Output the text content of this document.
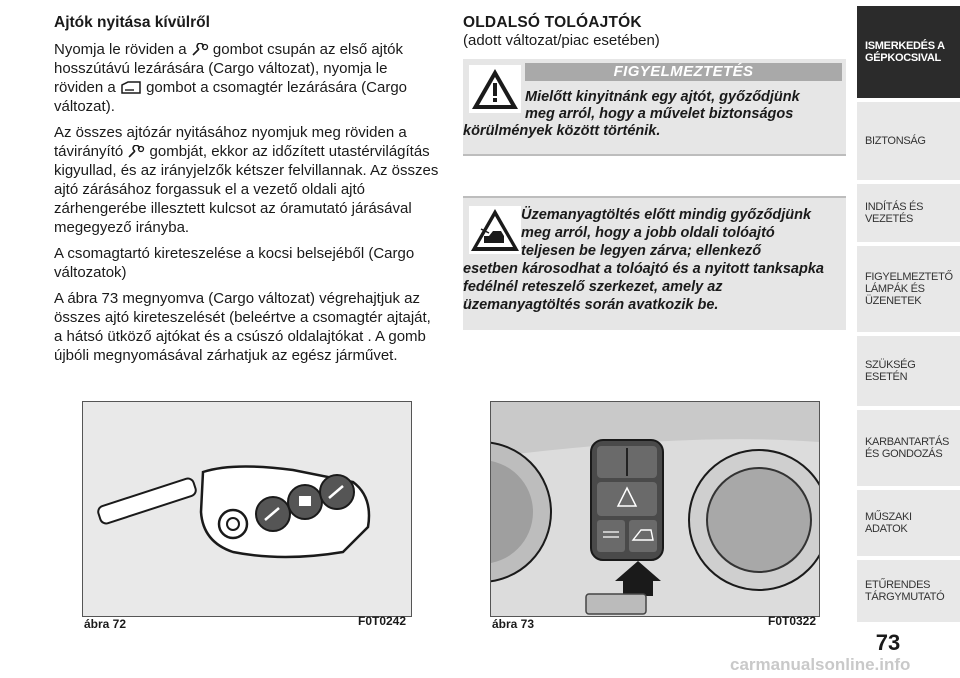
Ajtók nyitása kívülről

Nyomja le röviden a gombot csupán az első ajtók hosszútávú lezárására (Cargo változat), nyomja le röviden a gombot a csomagtér lezárására (Cargo változat).

Az összes ajtózár nyitásához nyomjuk meg röviden a távirányító gombját, ekkor az időzített utastérvilágítás kigyullad, és az irányjelzők kétszer felvillannak. Az összes ajtó zárásához forgassuk el a vezető oldali ajtó zárhengerébe illesztett kulcsot az óramutató járásával megegyező irányba.

A csomagtartó kireteszelése a kocsi belsejéből (Cargo változatok)

A ábra 73 megnyomva (Cargo változat) végrehajtjuk az összes ajtó kireteszelését (beleértve a csomagtér ajtaját, a hátsó ütköző ajtókat és a csúszó oldalajtókat . A gomb újbóli megnyomásával zárhatjuk az egész járművet.

OLDALSÓ TOLÓAJTÓK
(adott változat/piac esetében)
FIGYELMEZTETÉS
Mielőtt kinyitnánk egy ajtót, győződjünk
meg arról, hogy a művelet biztonságos
körülmények között történik.
Üzemanyagtöltés előtt mindig győződjünk
meg arról, hogy a jobb oldali tolóajtó
teljesen be legyen zárva; ellenkező
esetben károsodhat a tolóajtó és a nyitott tanksapka fedélnél reteszelő szerkezet, amely az üzemanyagtöltés során avatkozik be.
ábra 72	F0T0242	ábra 73	F0T0322
ISMERKEDÉS A GÉPKOCSIVAL
BIZTONSÁG
INDÍTÁS ÉS VEZETÉS
FIGYELMEZTETŐ LÁMPÁK ÉS ÜZENETEK
SZÜKSÉG ESETÉN
KARBANTARTÁS ÉS GONDOZÁS
MŰSZAKI ADATOK
ETŰRENDES TÁRGYMUTATÓ
73
carmanualsonline.info
